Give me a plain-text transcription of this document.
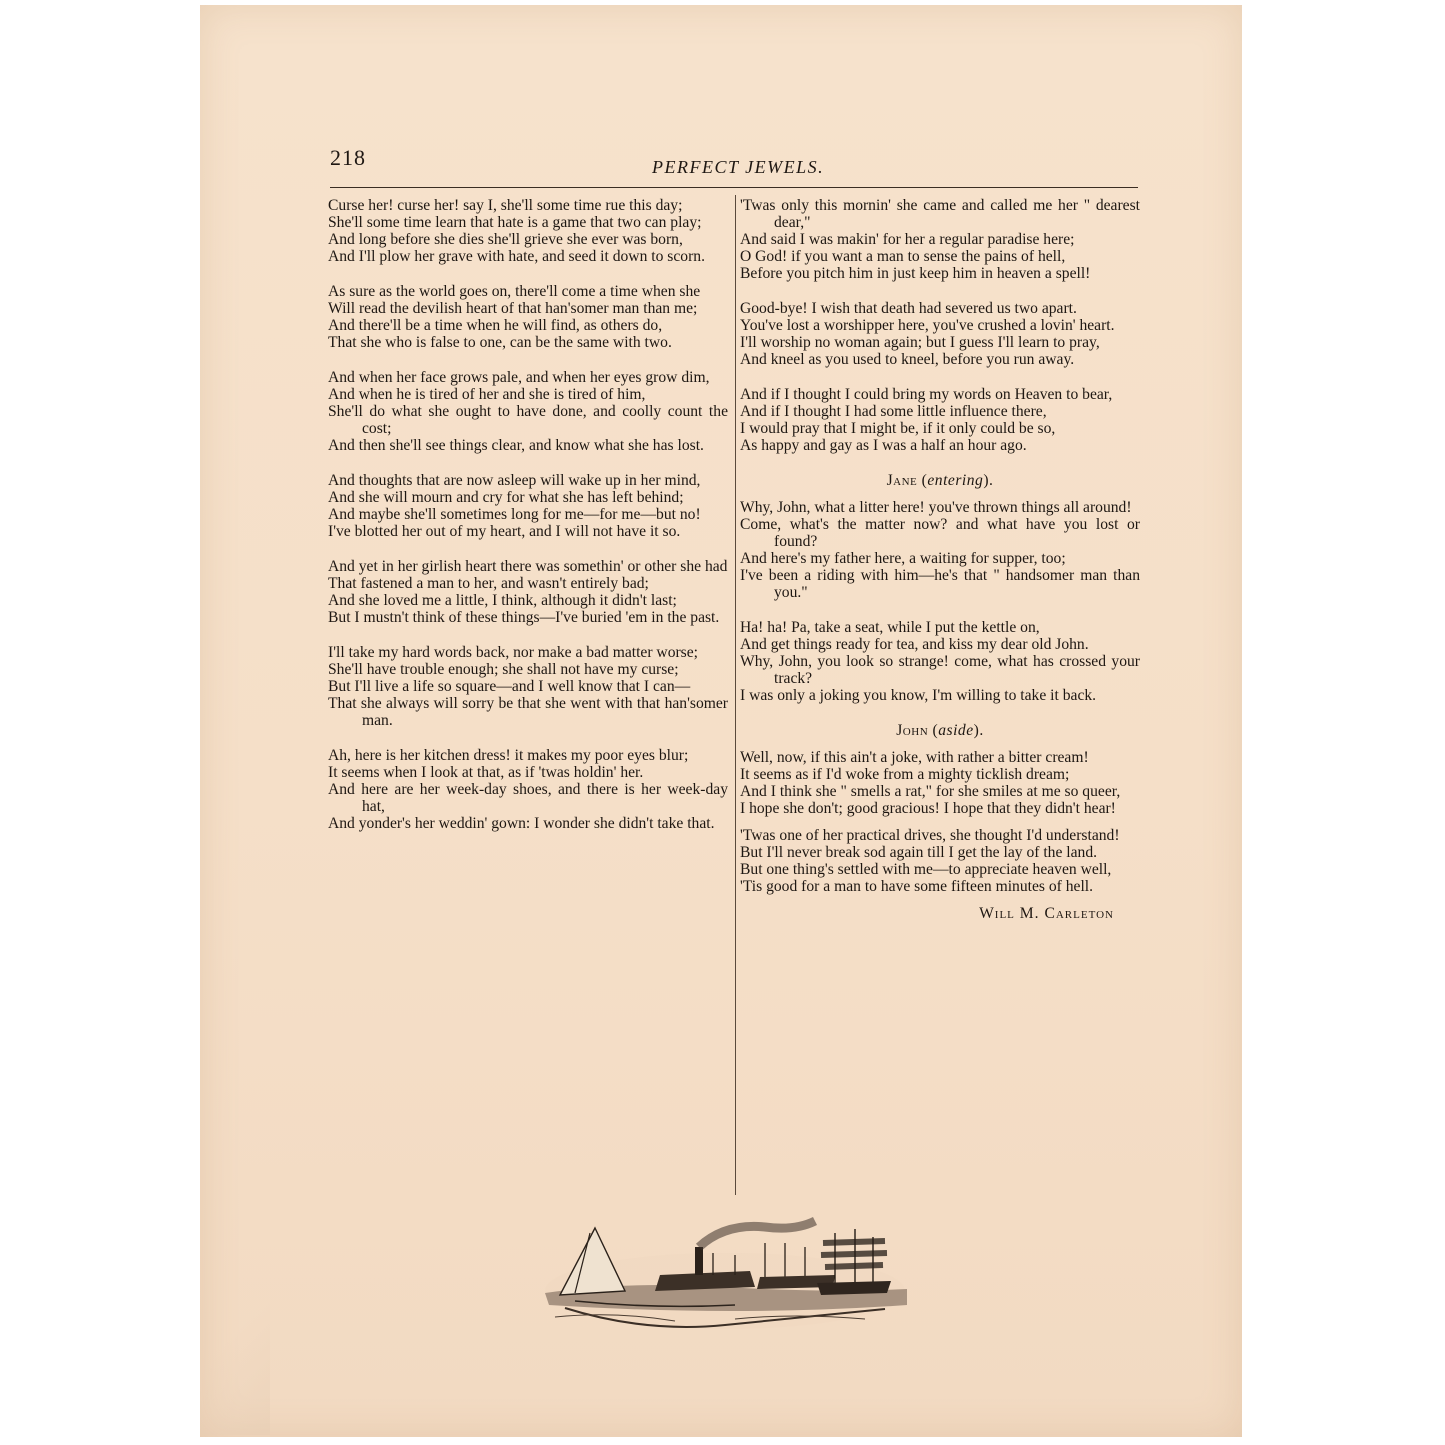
218	PERFECT JEWELS.
Curse her! curse her! say I, she'll some time rue this day;
She'll some time learn that hate is a game that two can play;
And long before she dies she'll grieve she ever was born,
And I'll plow her grave with hate, and seed it down to scorn.
As sure as the world goes on, there'll come a time when she
Will read the devilish heart of that han'somer man than me;
And there'll be a time when he will find, as others do,
That she who is false to one, can be the same with two.
And when her face grows pale, and when her eyes grow dim,
And when he is tired of her and she is tired of him,
She'll do what she ought to have done, and coolly count the cost;
And then she'll see things clear, and know what she has lost.
And thoughts that are now asleep will wake up in her mind,
And she will mourn and cry for what she has left behind;
And maybe she'll sometimes long for me—for me—but no!
I've blotted her out of my heart, and I will not have it so.
And yet in her girlish heart there was somethin' or other she had
That fastened a man to her, and wasn't entirely bad;
And she loved me a little, I think, although it didn't last;
But I mustn't think of these things—I've buried 'em in the past.
I'll take my hard words back, nor make a bad matter worse;
She'll have trouble enough; she shall not have my curse;
But I'll live a life so square—and I well know that I can—
That she always will sorry be that she went with that han'somer man.
Ah, here is her kitchen dress! it makes my poor eyes blur;
It seems when I look at that, as if 'twas holdin' her.
And here are her week-day shoes, and there is her week-day hat,
And yonder's her weddin' gown: I wonder she didn't take that.
'Twas only this mornin' she came and called me her " dearest dear,"
And said I was makin' for her a regular paradise here;
O God! if you want a man to sense the pains of hell,
Before you pitch him in just keep him in heaven a spell!
Good-bye! I wish that death had severed us two apart.
You've lost a worshipper here, you've crushed a lovin' heart.
I'll worship no woman again; but I guess I'll learn to pray,
And kneel as you used to kneel, before you run away.
And if I thought I could bring my words on Heaven to bear,
And if I thought I had some little influence there,
I would pray that I might be, if it only could be so,
As happy and gay as I was a half an hour ago.
Jane (entering).
Why, John, what a litter here! you've thrown things all around!
Come, what's the matter now? and what have you lost or found?
And here's my father here, a waiting for supper, too;
I've been a riding with him—he's that " handsomer man than you."
Ha! ha! Pa, take a seat, while I put the kettle on,
And get things ready for tea, and kiss my dear old John.
Why, John, you look so strange! come, what has crossed your track?
I was only a joking you know, I'm willing to take it back.
John (aside).
Well, now, if this ain't a joke, with rather a bitter cream!
It seems as if I'd woke from a mighty ticklish dream;
And I think she " smells a rat," for she smiles at me so queer,
I hope she don't; good gracious! I hope that they didn't hear!
'Twas one of her practical drives, she thought I'd understand!
But I'll never break sod again till I get the lay of the land.
But one thing's settled with me—to appreciate heaven well,
'Tis good for a man to have some fifteen minutes of hell.
Will M. Carleton
